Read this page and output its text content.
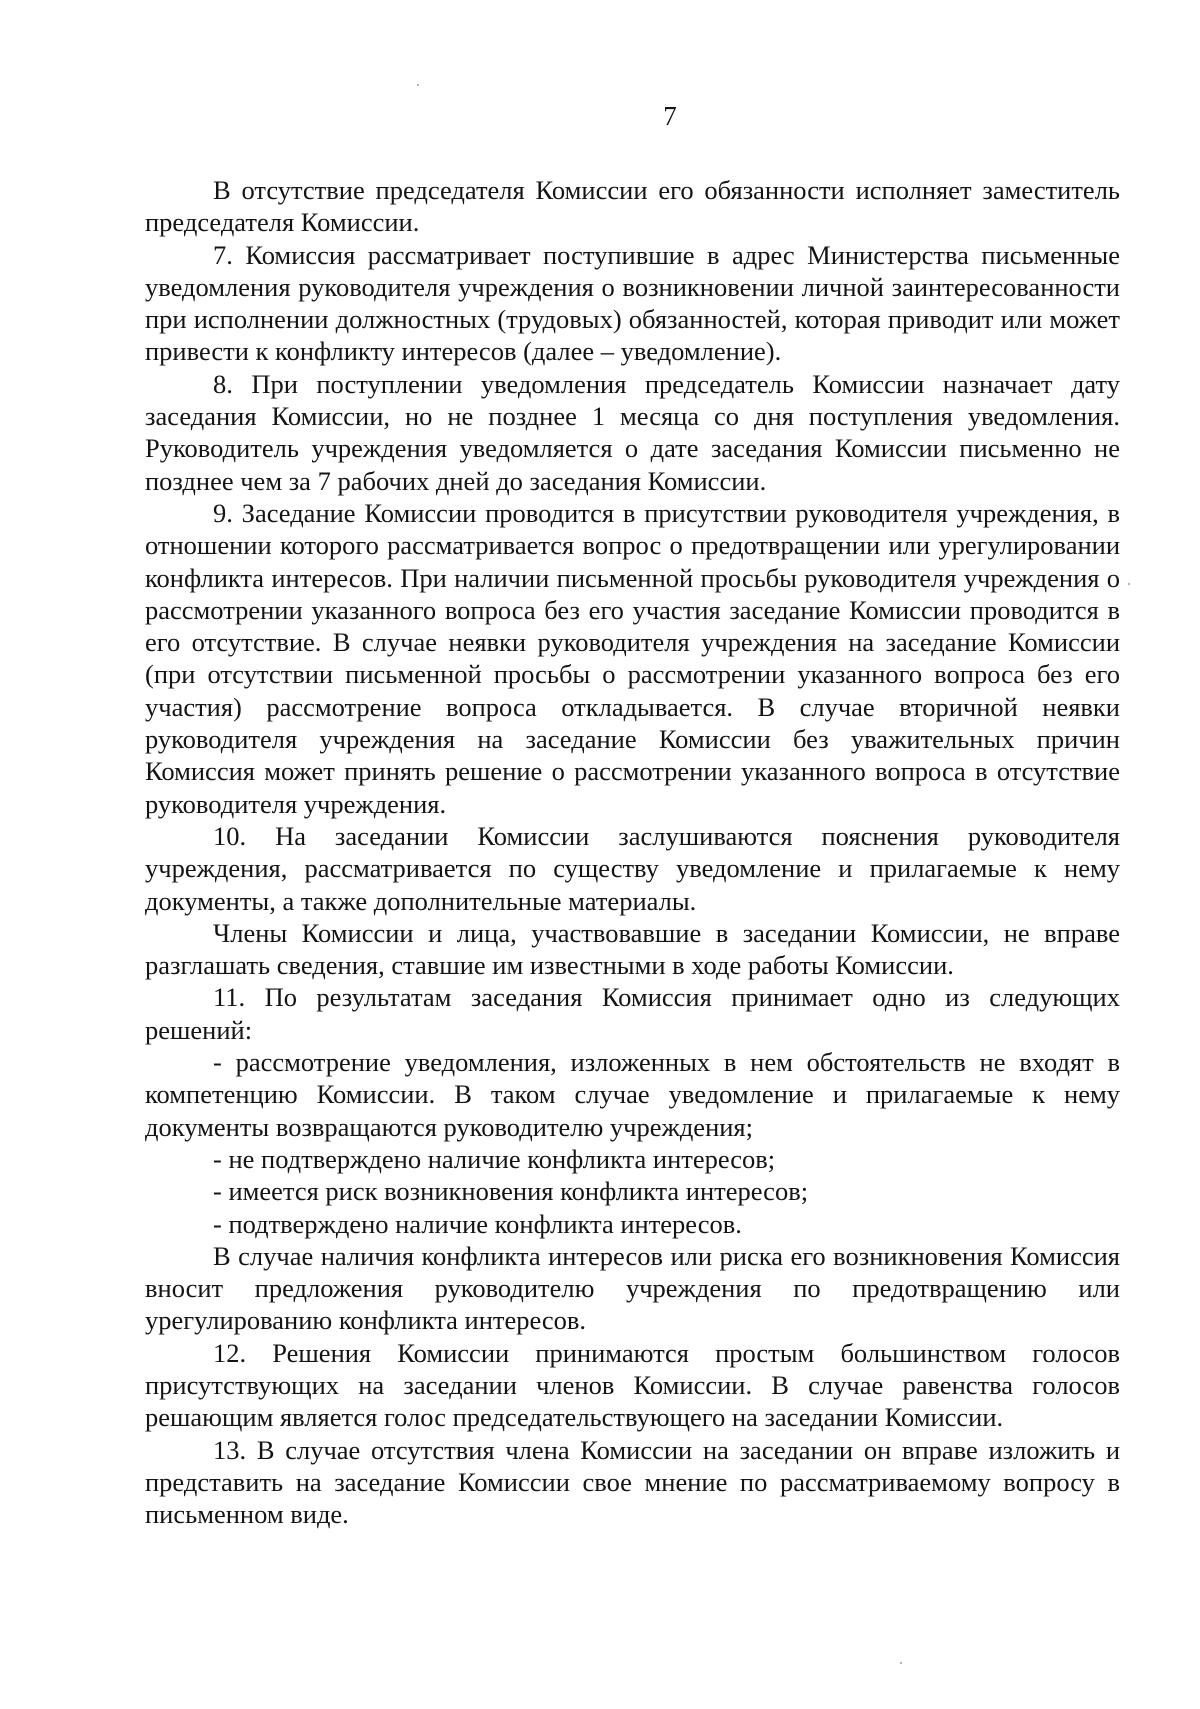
7

В отсутствие председателя Комиссии его обязанности исполняет заместитель председателя Комиссии.

7. Комиссия рассматривает поступившие в адрес Министерства письменные уведомления руководителя учреждения о возникновении личной заинтересованности при исполнении должностных (трудовых) обязанностей, которая приводит или может привести к конфликту интересов (далее – уведомление).

8. При поступлении уведомления председатель Комиссии назначает дату заседания Комиссии, но не позднее 1 месяца со дня поступления уведомления. Руководитель учреждения уведомляется о дате заседания Комиссии письменно не позднее чем за 7 рабочих дней до заседания Комиссии.

9. Заседание Комиссии проводится в присутствии руководителя учреждения, в отношении которого рассматривается вопрос о предотвращении или урегулировании конфликта интересов. При наличии письменной просьбы руководителя учреждения о рассмотрении указанного вопроса без его участия заседание Комиссии проводится в его отсутствие. В случае неявки руководителя учреждения на заседание Комиссии (при отсутствии письменной просьбы о рассмотрении указанного вопроса без его участия) рассмотрение вопроса откладывается. В случае вторичной неявки руководителя учреждения на заседание Комиссии без уважительных причин Комиссия может принять решение о рассмотрении указанного вопроса в отсутствие руководителя учреждения.

10. На заседании Комиссии заслушиваются пояснения руководителя учреждения, рассматривается по существу уведомление и прилагаемые к нему документы, а также дополнительные материалы.

Члены Комиссии и лица, участвовавшие в заседании Комиссии, не вправе разглашать сведения, ставшие им известными в ходе работы Комиссии.

11. По результатам заседания Комиссия принимает одно из следующих решений:

- рассмотрение уведомления, изложенных в нем обстоятельств не входят в компетенцию Комиссии. В таком случае уведомление и прилагаемые к нему документы возвращаются руководителю учреждения;

- не подтверждено наличие конфликта интересов;

- имеется риск возникновения конфликта интересов;

- подтверждено наличие конфликта интересов.

В случае наличия конфликта интересов или риска его возникновения Комиссия вносит предложения руководителю учреждения по предотвращению или урегулированию конфликта интересов.

12. Решения Комиссии принимаются простым большинством голосов присутствующих на заседании членов Комиссии. В случае равенства голосов решающим является голос председательствующего на заседании Комиссии.

13. В случае отсутствия члена Комиссии на заседании он вправе изложить и представить на заседание Комиссии свое мнение по рассматриваемому вопросу в письменном виде.
